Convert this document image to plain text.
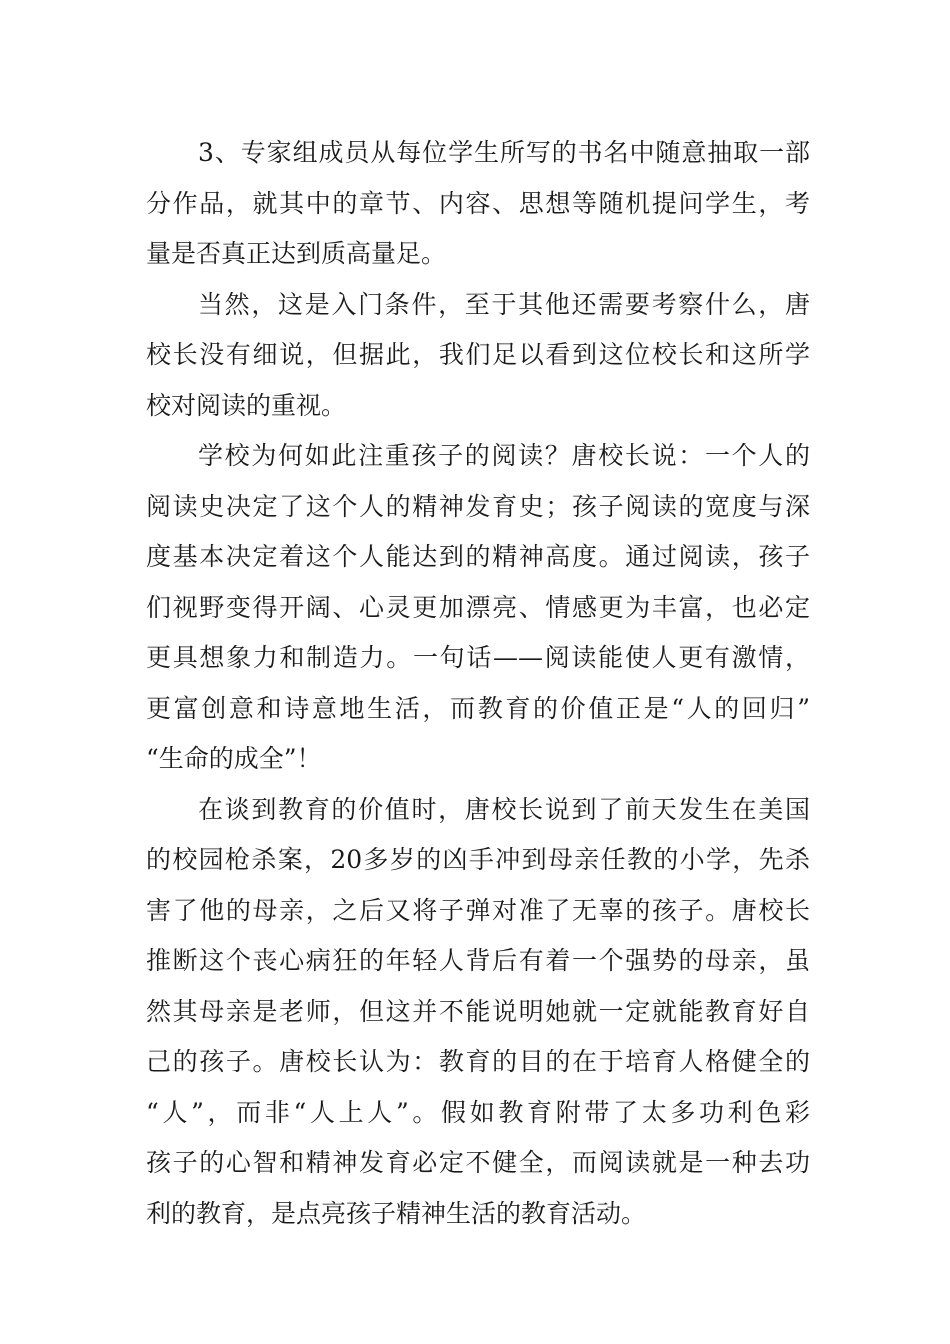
3、专家组成员从每位学生所写的书名中随意抽取一部
分作品，就其中的章节、内容、思想等随机提问学生，考
量是否真正达到质高量足。
当然，这是入门条件，至于其他还需要考察什么，唐
校长没有细说，但据此，我们足以看到这位校长和这所学
校对阅读的重视。
学校为何如此注重孩子的阅读？唐校长说：一个人的
阅读史决定了这个人的精神发育史；孩子阅读的宽度与深
度基本决定着这个人能达到的精神高度。通过阅读，孩子
们视野变得开阔、心灵更加漂亮、情感更为丰富，也必定
更具想象力和制造力。一句话——阅读能使人更有激情，
更富创意和诗意地生活，而教育的价值正是“人的回归”
“生命的成全”！
在谈到教育的价值时，唐校长说到了前天发生在美国
的校园枪杀案，20多岁的凶手冲到母亲任教的小学，先杀
害了他的母亲，之后又将子弹对准了无辜的孩子。唐校长
推断这个丧心病狂的年轻人背后有着一个强势的母亲，虽
然其母亲是老师，但这并不能说明她就一定就能教育好自
己的孩子。唐校长认为：教育的目的在于培育人格健全的
“人”，而非“人上人”。假如教育附带了太多功利色彩
孩子的心智和精神发育必定不健全，而阅读就是一种去功
利的教育，是点亮孩子精神生活的教育活动。
